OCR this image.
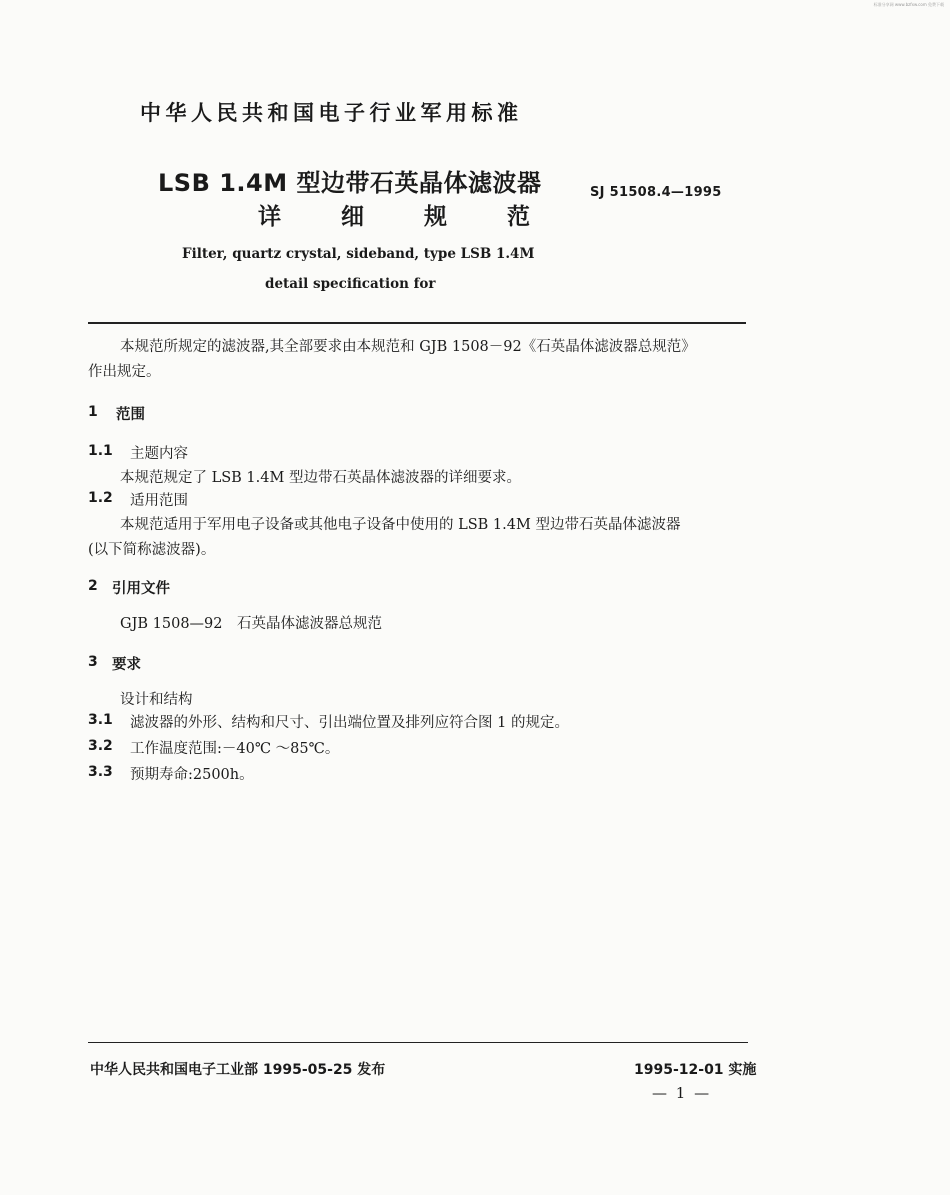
标准分享网 www.bzfxw.com 免费下载
中华人民共和国电子行业军用标准
LSB 1.4M 型边带石英晶体滤波器
详 细 规 范
SJ 51508.4—1995
Filter, quartz crystal, sideband, type LSB 1.4M
detail specification for
本规范所规定的滤波器,其全部要求由本规范和 GJB 1508－92《石英晶体滤波器总规范》
作出规定。
1 范围
1.1 主题内容
本规范规定了 LSB 1.4M 型边带石英晶体滤波器的详细要求。
1.2 适用范围
本规范适用于军用电子设备或其他电子设备中使用的 LSB 1.4M 型边带石英晶体滤波器
(以下简称滤波器)。
2 引用文件
GJB 1508—92　石英晶体滤波器总规范
3 要求
设计和结构
3.1 滤波器的外形、结构和尺寸、引出端位置及排列应符合图 1 的规定。
3.2 工作温度范围:－40℃ ～85℃。
3.3 预期寿命:2500h。
中华人民共和国电子工业部 1995-05-25 发布	1995-12-01 实施
— 1 —
